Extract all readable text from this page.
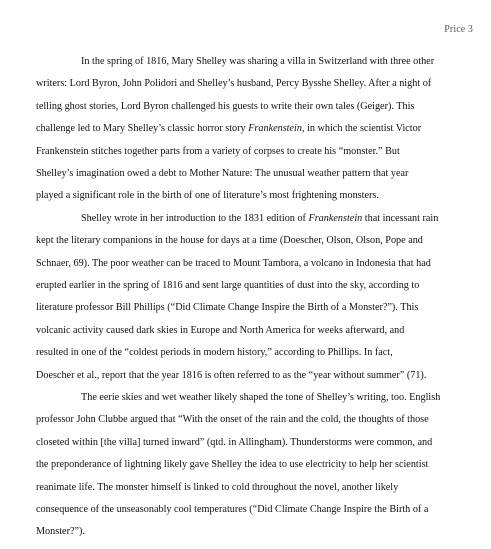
Price 3
In the spring of 1816, Mary Shelley was sharing a villa in Switzerland with three other
writers: Lord Byron, John Polidori and Shelley’s husband, Percy Bysshe Shelley. After a night of
telling ghost stories, Lord Byron challenged his guests to write their own tales (Geiger). This
challenge led to Mary Shelley’s classic horror story Frankenstein, in which the scientist Victor
Frankenstein stitches together parts from a variety of corpses to create his “monster.” But
Shelley’s imagination owed a debt to Mother Nature: The unusual weather pattern that year
played a significant role in the birth of one of literature’s most frightening monsters.
Shelley wrote in her introduction to the 1831 edition of Frankenstein that incessant rain
kept the literary companions in the house for days at a time (Doescher, Olson, Olson, Pope and
Schnaer, 69). The poor weather can be traced to Mount Tambora, a volcano in Indonesia that had
erupted earlier in the spring of 1816 and sent large quantities of dust into the sky, according to
literature professor Bill Phillips (“Did Climate Change Inspire the Birth of a Monster?”). This
volcanic activity caused dark skies in Europe and North America for weeks afterward, and
resulted in one of the “coldest periods in modern history,” according to Phillips. In fact,
Doescher et al., report that the year 1816 is often referred to as the “year without summer” (71).
The eerie skies and wet weather likely shaped the tone of Shelley’s writing, too. English
professor John Clubbe argued that “With the onset of the rain and the cold, the thoughts of those
closeted within [the villa] turned inward” (qtd. in Allingham). Thunderstorms were common, and
the preponderance of lightning likely gave Shelley the idea to use electricity to help her scientist
reanimate life. The monster himself is linked to cold throughout the novel, another likely
consequence of the unseasonably cool temperatures (“Did Climate Change Inspire the Birth of a
Monster?”).
